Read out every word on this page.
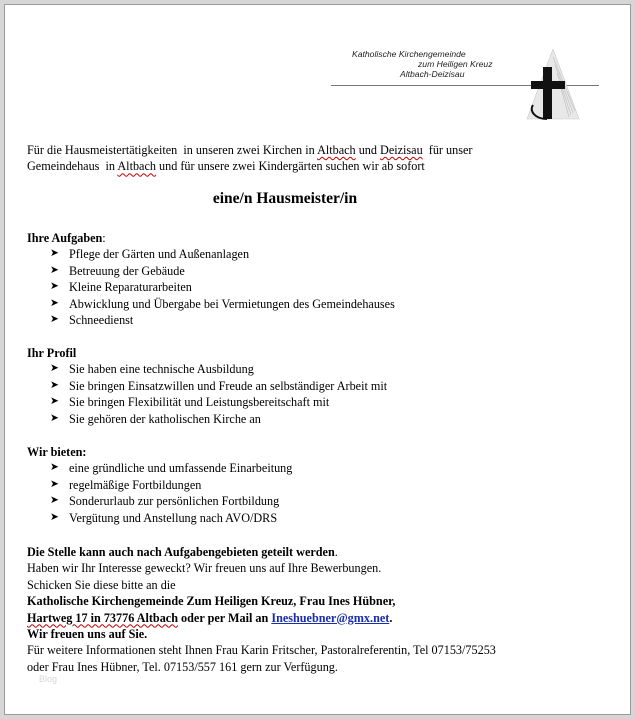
Katholische Kirchengemeinde
zum Heiligen Kreuz
Altbach-Deizisau
Für die Hausmeistertätigkeiten  in unseren zwei Kirchen in Altbach und Deizisau  für unser
Gemeindehaus  in Altbach und für unsere zwei Kindergärten suchen wir ab sofort
eine/n Hausmeister/in
Ihre Aufgaben:
➤ Pflege der Gärten und Außenanlagen
➤ Betreuung der Gebäude
➤ Kleine Reparaturarbeiten
➤ Abwicklung und Übergabe bei Vermietungen des Gemeindehauses
➤ Schneedienst
Ihr Profil
➤ Sie haben eine technische Ausbildung
➤ Sie bringen Einsatzwillen und Freude an selbständiger Arbeit mit
➤ Sie bringen Flexibilität und Leistungsbereitschaft mit
➤ Sie gehören der katholischen Kirche an
Wir bieten:
➤ eine gründliche und umfassende Einarbeitung
➤ regelmäßige Fortbildungen
➤ Sonderurlaub zur persönlichen Fortbildung
➤ Vergütung und Anstellung nach AVO/DRS
Die Stelle kann auch nach Aufgabengebieten geteilt werden.
Haben wir Ihr Interesse geweckt? Wir freuen uns auf Ihre Bewerbungen.
Schicken Sie diese bitte an die
Katholische Kirchengemeinde Zum Heiligen Kreuz, Frau Ines Hübner,
Hartweg 17 in 73776 Altbach oder per Mail an Ineshuebner@gmx.net.
Wir freuen uns auf Sie.
Für weitere Informationen steht Ihnen Frau Karin Fritscher, Pastoralreferentin, Tel 07153/75253
oder Frau Ines Hübner, Tel. 07153/557 161 gern zur Verfügung.
Blog
